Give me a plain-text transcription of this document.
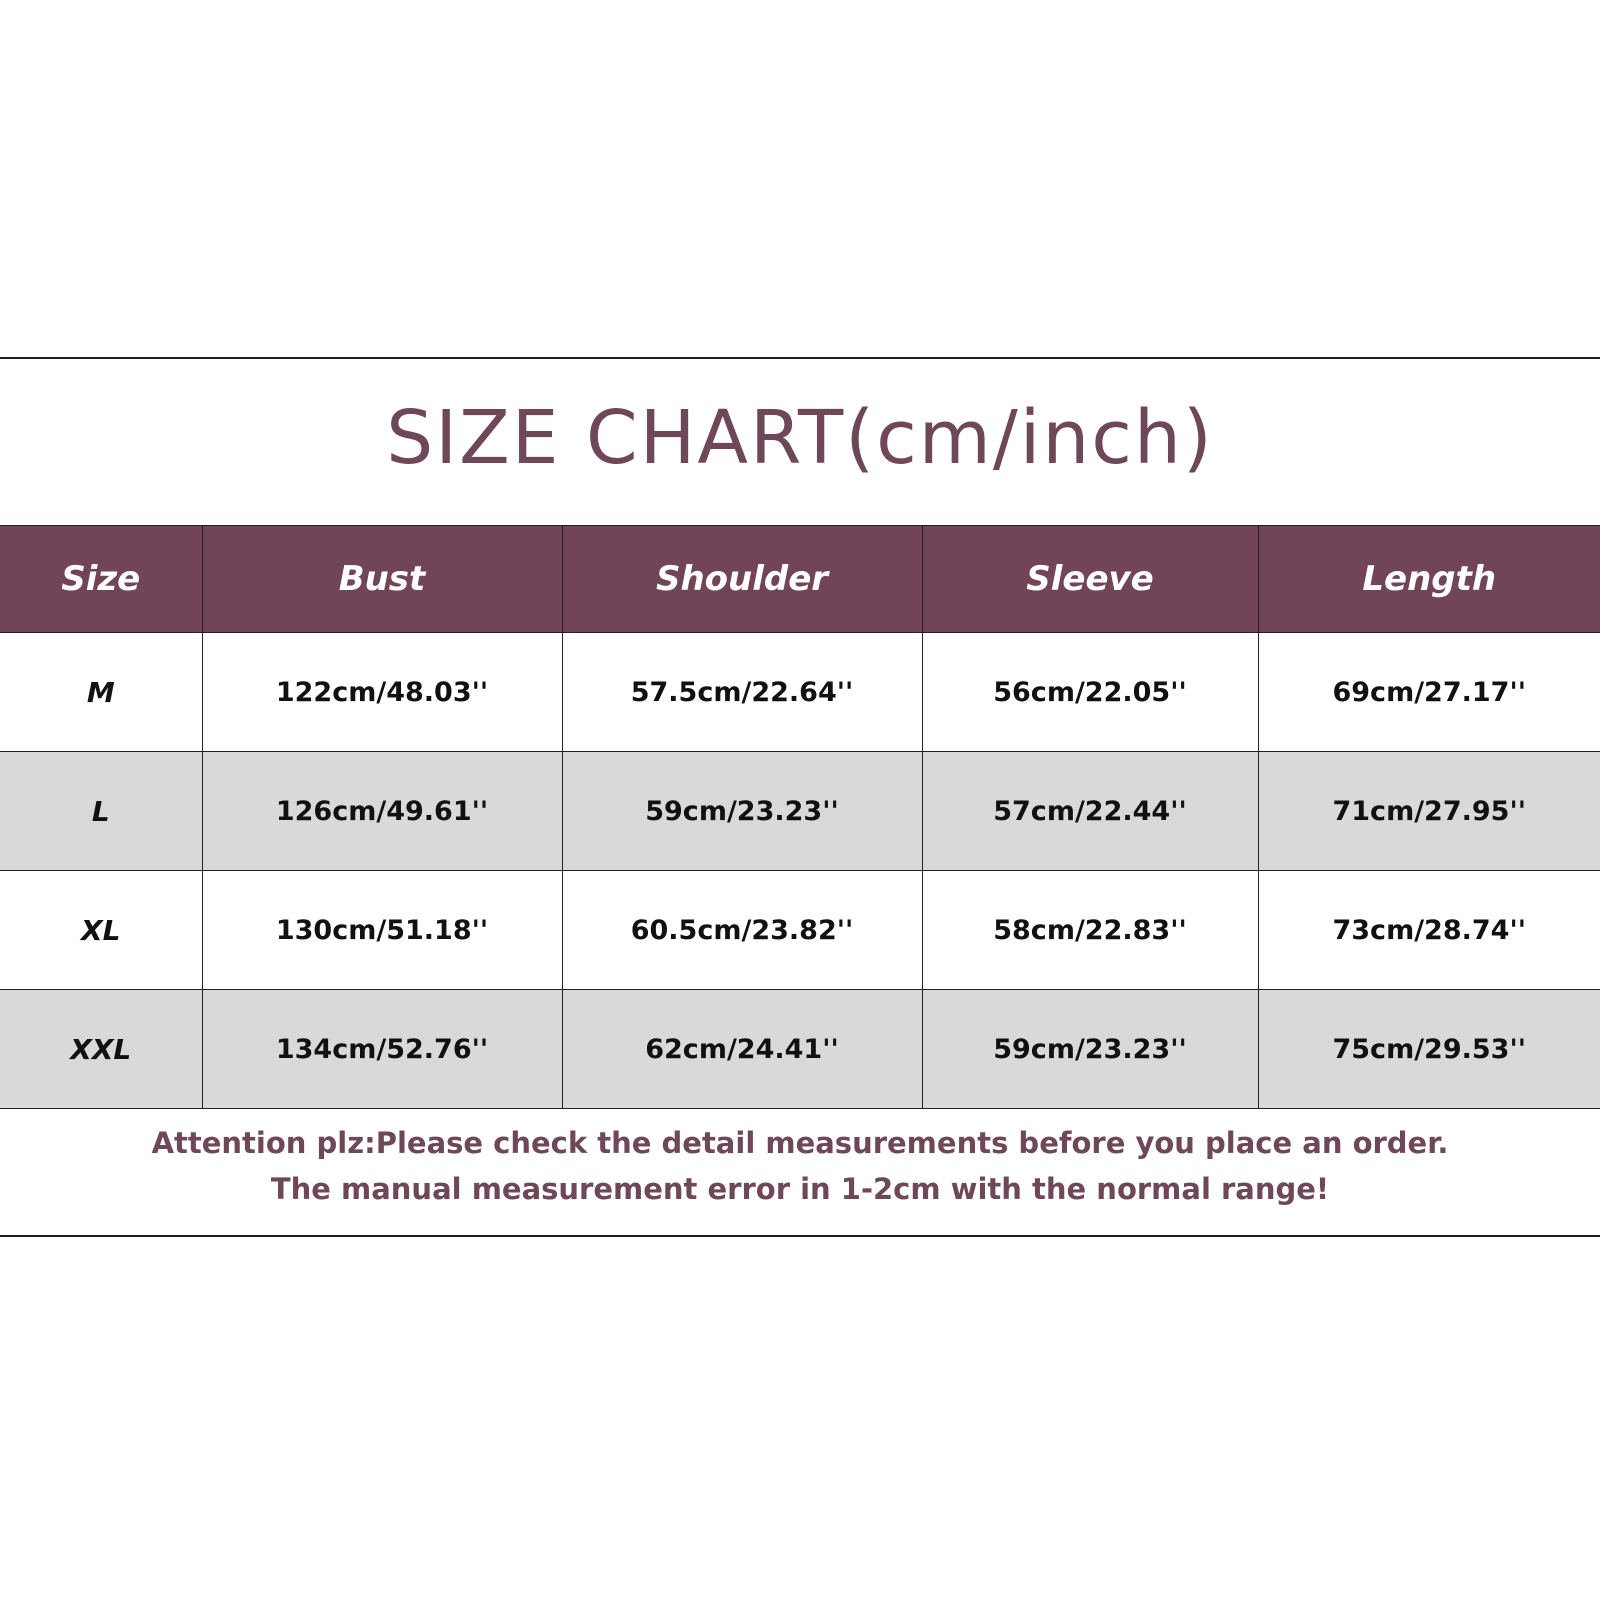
SIZE CHART(cm/inch)
Size	Bust	Shoulder	Sleeve	Length
M	122cm/48.03''	57.5cm/22.64''	56cm/22.05''	69cm/27.17''
L	126cm/49.61''	59cm/23.23''	57cm/22.44''	71cm/27.95''
XL	130cm/51.18''	60.5cm/23.82''	58cm/22.83''	73cm/28.74''
XXL	134cm/52.76''	62cm/24.41''	59cm/23.23''	75cm/29.53''
Attention plz:Please check the detail measurements before you place an order.
The manual measurement error in 1-2cm with the normal range!
